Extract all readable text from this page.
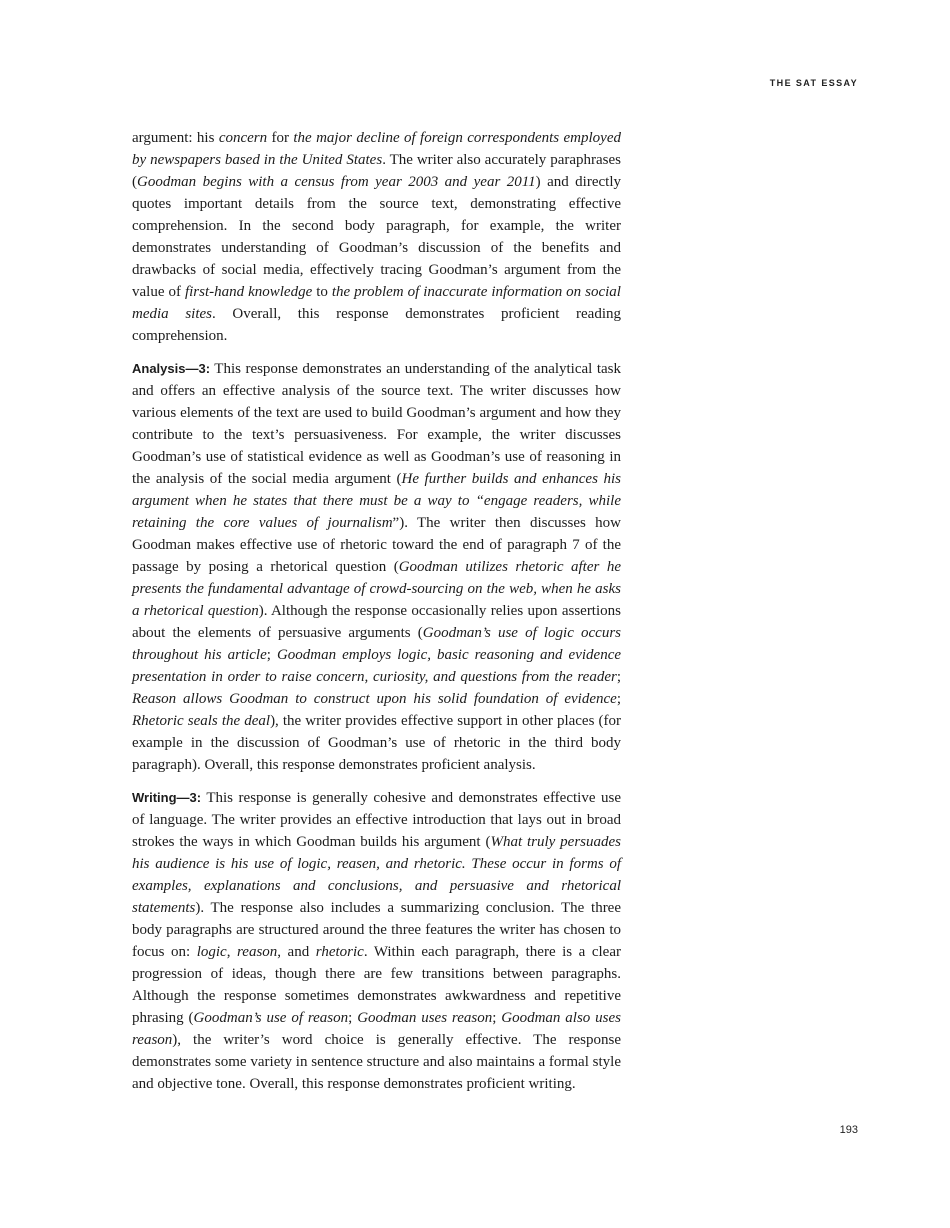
THE SAT ESSAY

argument: his concern for the major decline of foreign correspondents employed by newspapers based in the United States. The writer also accurately paraphrases (Goodman begins with a census from year 2003 and year 2011) and directly quotes important details from the source text, demonstrating effective comprehension. In the second body paragraph, for example, the writer demonstrates understanding of Goodman’s discussion of the benefits and drawbacks of social media, effectively tracing Goodman’s argument from the value of first-hand knowledge to the problem of inaccurate information on social media sites. Overall, this response demonstrates proficient reading comprehension.

Analysis—3: This response demonstrates an understanding of the analytical task and offers an effective analysis of the source text. The writer discusses how various elements of the text are used to build Goodman’s argument and how they contribute to the text’s persuasiveness. For example, the writer discusses Goodman’s use of statistical evidence as well as Goodman’s use of reasoning in the analysis of the social media argument (He further builds and enhances his argument when he states that there must be a way to “engage readers, while retaining the core values of journalism”). The writer then discusses how Goodman makes effective use of rhetoric toward the end of paragraph 7 of the passage by posing a rhetorical question (Goodman utilizes rhetoric after he presents the fundamental advantage of crowd-sourcing on the web, when he asks a rhetorical question). Although the response occasionally relies upon assertions about the elements of persuasive arguments (Goodman’s use of logic occurs throughout his article; Goodman employs logic, basic reasoning and evidence presentation in order to raise concern, curiosity, and questions from the reader; Reason allows Goodman to construct upon his solid foundation of evidence; Rhetoric seals the deal), the writer provides effective support in other places (for example in the discussion of Goodman’s use of rhetoric in the third body paragraph). Overall, this response demonstrates proficient analysis.

Writing—3: This response is generally cohesive and demonstrates effective use of language. The writer provides an effective introduction that lays out in broad strokes the ways in which Goodman builds his argument (What truly persuades his audience is his use of logic, reasen, and rhetoric. These occur in forms of examples, explanations and conclusions, and persuasive and rhetorical statements). The response also includes a summarizing conclusion. The three body paragraphs are structured around the three features the writer has chosen to focus on: logic, reason, and rhetoric. Within each paragraph, there is a clear progression of ideas, though there are few transitions between paragraphs. Although the response sometimes demonstrates awkwardness and repetitive phrasing (Goodman’s use of reason; Goodman uses reason; Goodman also uses reason), the writer’s word choice is generally effective. The response demonstrates some variety in sentence structure and also maintains a formal style and objective tone. Overall, this response demonstrates proficient writing.

193
